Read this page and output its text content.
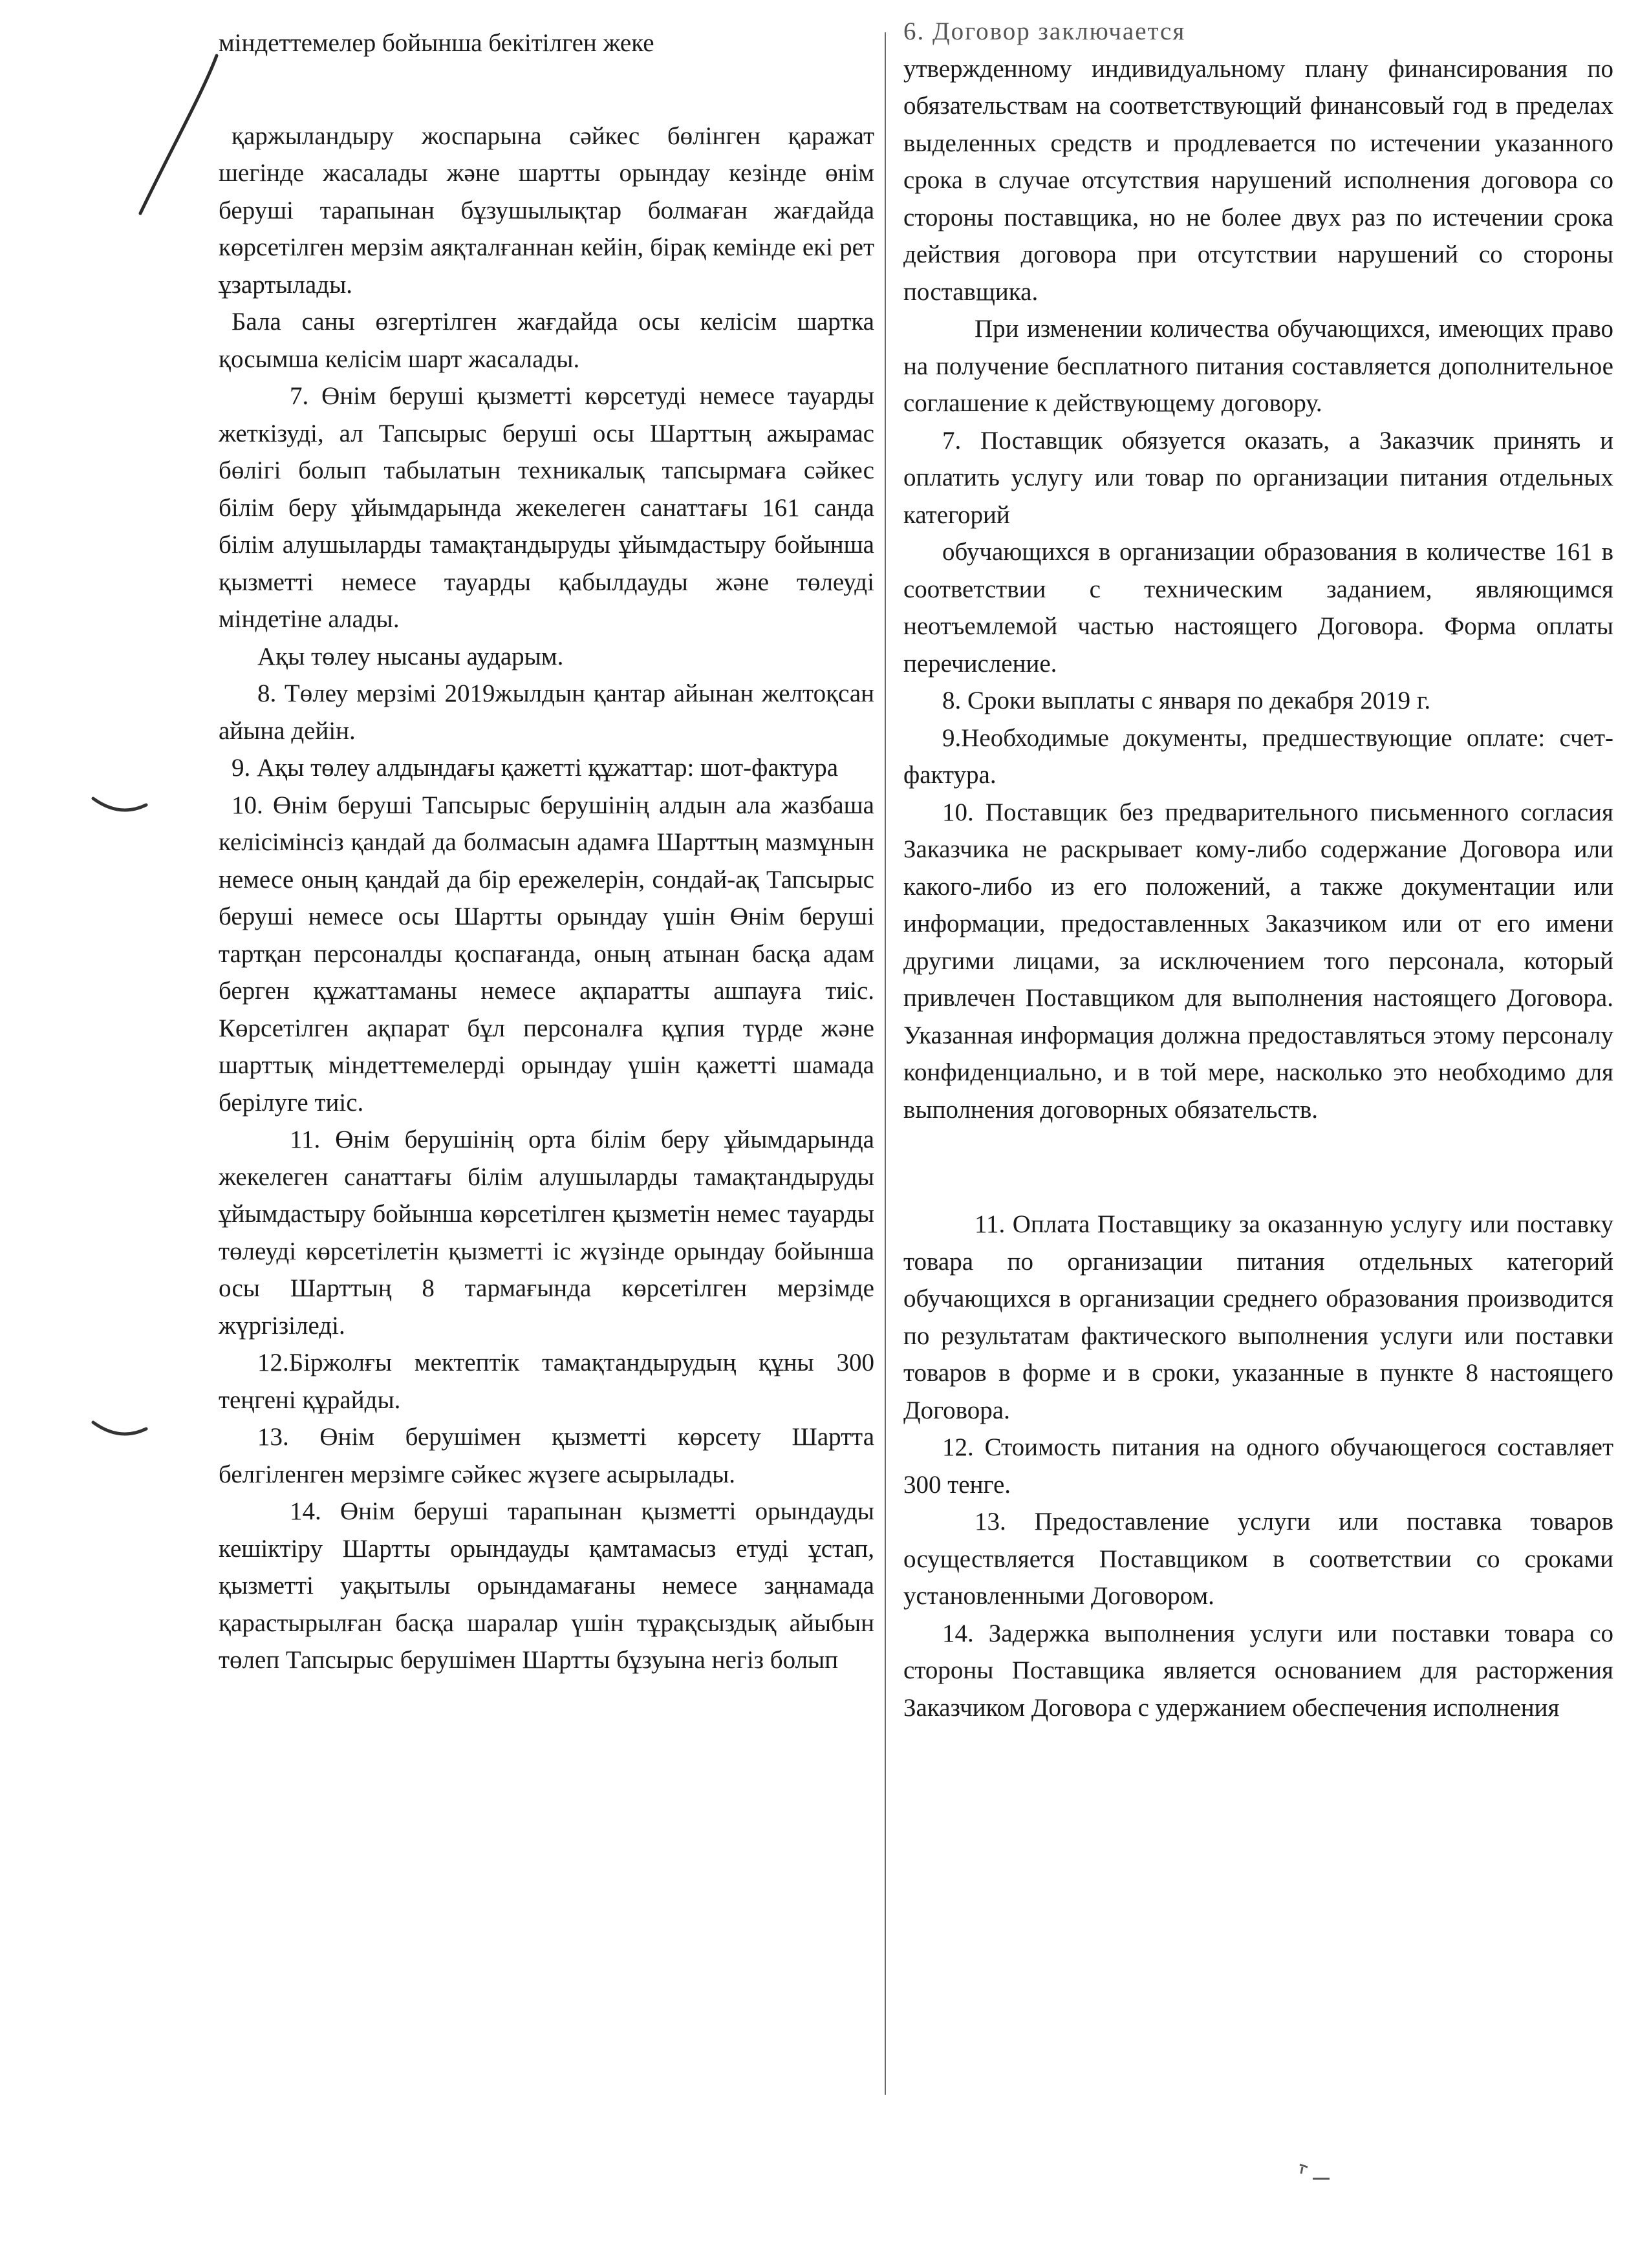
міндеттемелер бойынша бекітілген жеке

қаржыландыру жоспарына сәйкес бөлінген қаражат шегінде жасалады және шартты орындау кезінде өнім беруші тарапынан бұзушылықтар болмаған жағдайда көрсетілген мерзім аяқталғаннан кейін, бірақ кемінде екі рет ұзартылады.

Бала саны өзгертілген жағдайда осы келісім шартка қосымша келісім шарт жасалады.

7. Өнім беруші қызметті көрсетуді немесе тауарды жеткізуді, ал Тапсырыс беруші осы Шарттың ажырамас бөлігі болып табылатын техникалық тапсырмаға сәйкес білім беру ұйымдарында жекелеген санаттағы 161 санда білім алушыларды тамақтандыруды ұйымдастыру бойынша қызметті немесе тауарды қабылдауды және төлеуді міндетіне алады.

Ақы төлеу нысаны аударым.

8. Төлеу мерзімі 2019жылдын қантар айынан желтоқсан айына дейін.

9. Ақы төлеу алдындағы қажетті құжаттар: шот-фактура

10. Өнім беруші Тапсырыс берушінің алдын ала жазбаша келісімінсіз қандай да болмасын адамға Шарттың мазмұнын немесе оның қандай да бір ережелерін, сондай-ақ Тапсырыс беруші немесе осы Шартты орындау үшін Өнім беруші тартқан персоналды қоспағанда, оның атынан басқа адам берген құжаттаманы немесе ақпаратты ашпауға тиіс. Көрсетілген ақпарат бұл персоналға құпия түрде және шарттық міндеттемелерді орындау үшін қажетті шамада берілуге тиіс.

11. Өнім берушінің орта білім беру ұйымдарында жекелеген санаттағы білім алушыларды тамақтандыруды ұйымдастыру бойынша көрсетілген қызметін немес тауарды төлеуді көрсетілетін қызметті іс жүзінде орындау бойынша осы Шарттың 8 тармағында көрсетілген мерзімде жүргізіледі.

12.Біржолғы мектептік тамақтандырудың құны 300 теңгені құрайды.

13. Өнім берушімен қызметті көрсету Шартта белгіленген мерзімге сәйкес жүзеге асырылады.

14. Өнім беруші тарапынан қызметті орындауды кешіктіру Шартты орындауды қамтамасыз етуді ұстап, қызметті уақытылы орындамағаны немесе заңнамада қарастырылған басқа шаралар үшін тұрақсыздық айыбын төлеп Тапсырыс берушімен Шартты бұзуына негіз болып

6. Договор заключается

утвержденному индивидуальному плану финансирования по обязательствам на соответствующий финансовый год в пределах выделенных средств и продлевается по истечении указанного срока в случае отсутствия нарушений исполнения договора со стороны поставщика, но не более двух раз по истечении срока действия договора при отсутствии нарушений со стороны поставщика.

При изменении количества обучающихся, имеющих право на получение бесплатного питания составляется дополнительное соглашение к действующему договору.

7. Поставщик обязуется оказать, а Заказчик принять и оплатить услугу или товар по организации питания отдельных категорий

обучающихся в организации образования в количестве 161 в соответствии с техническим заданием, являющимся неотъемлемой частью настоящего Договора. Форма оплаты перечисление.

8. Сроки выплаты с января по декабря 2019 г.

9.Необходимые документы, предшествующие оплате: счет-фактура.

10. Поставщик без предварительного письменного согласия Заказчика не раскрывает кому-либо содержание Договора или какого-либо из его положений, а также документации или информации, предоставленных Заказчиком или от его имени другими лицами, за исключением того персонала, который привлечен Поставщиком для выполнения настоящего Договора. Указанная информация должна предоставляться этому персоналу конфиденциально, и в той мере, насколько это необходимо для выполнения договорных обязательств.

11. Оплата Поставщику за оказанную услугу или поставку товара по организации питания отдельных категорий обучающихся в организации среднего образования производится по результатам фактического выполнения услуги или поставки товаров в форме и в сроки, указанные в пункте 8 настоящего Договора.

12. Стоимость питания на одного обучающегося составляет 300 тенге.

13. Предоставление услуги или поставка товаров осуществляется Поставщиком в соответствии со сроками установленными Договором.

14. Задержка выполнения услуги или поставки товара со стороны Поставщика является основанием для расторжения Заказчиком Договора с удержанием обеспечения исполнения
